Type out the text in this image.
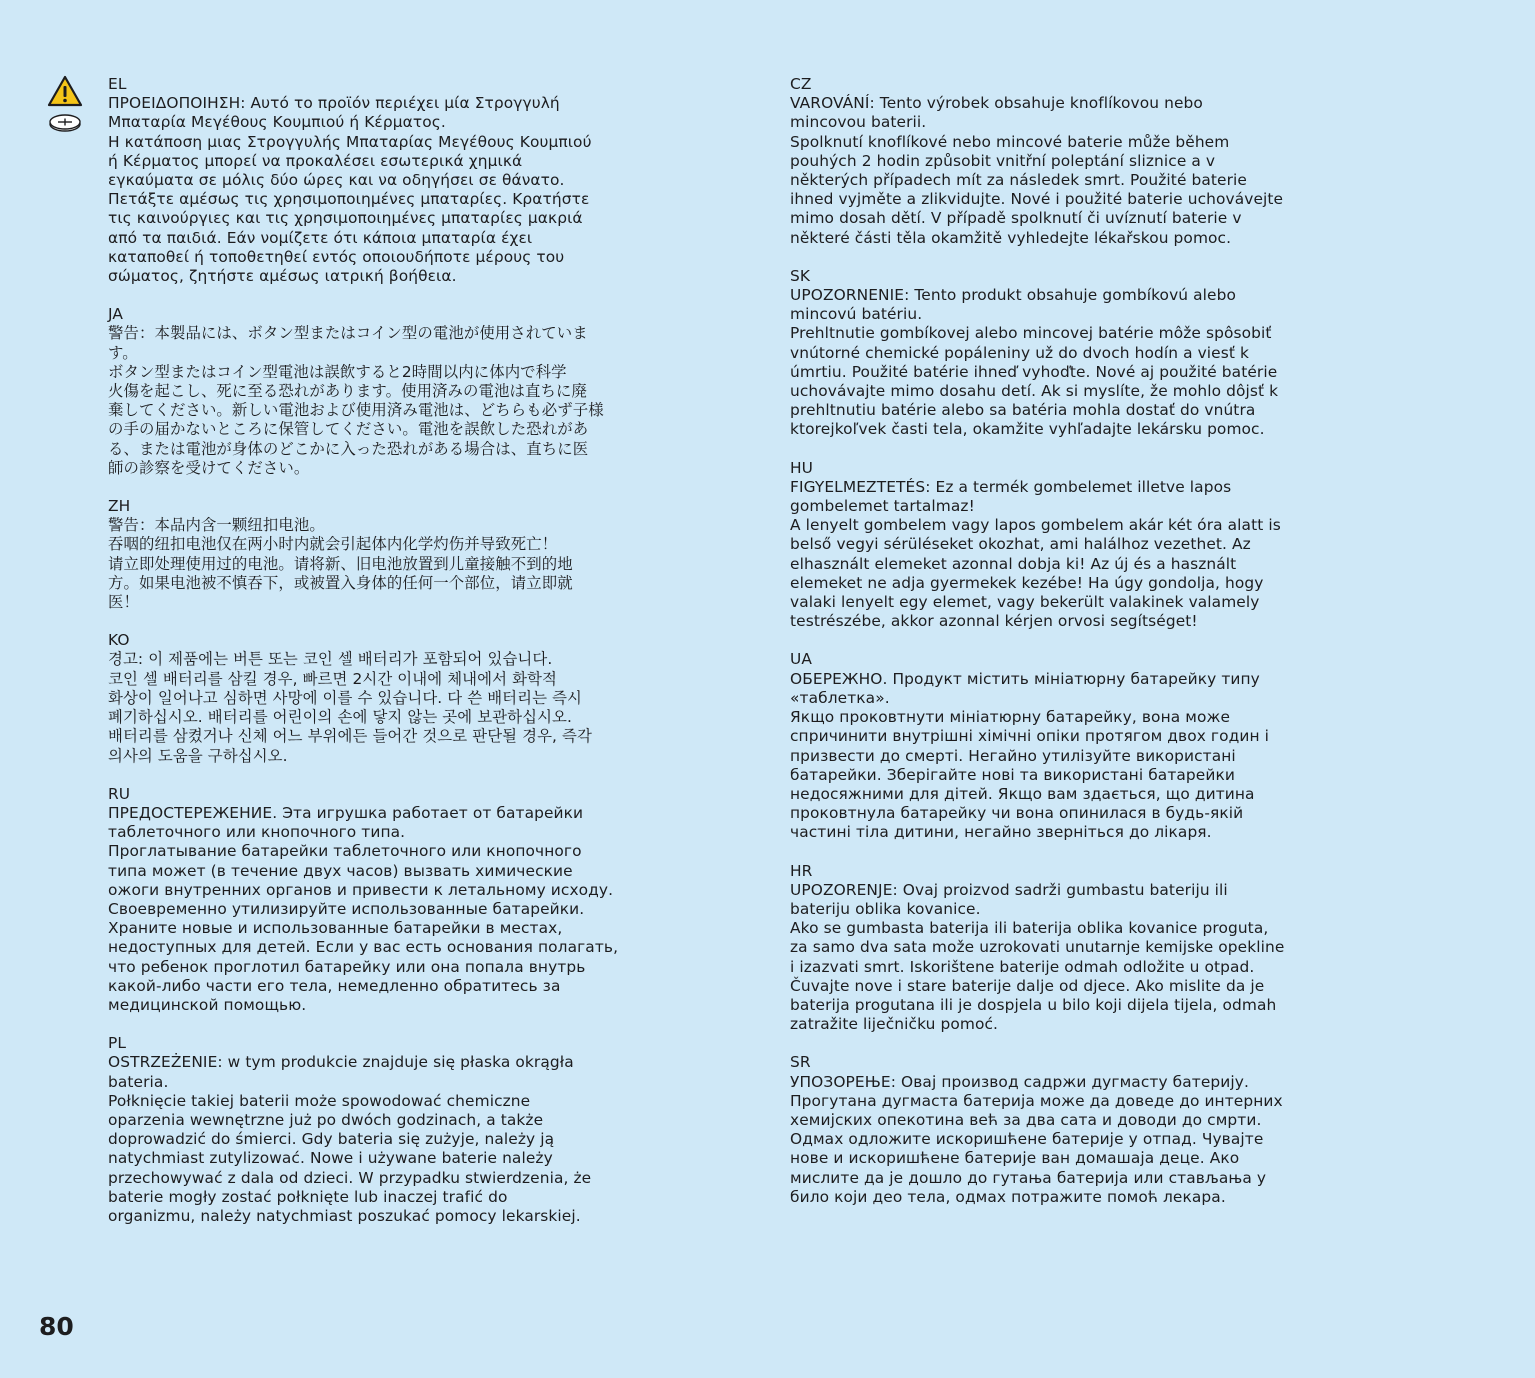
EL

ΠΡΟΕΙΔΟΠΟΙΗΣΗ: Αυτό το προϊόν περιέχει μία Στρογγυλή

Μπαταρία Μεγέθους Κουμπιού ή Κέρματος.

Η κατάποση μιας Στρογγυλής Μπαταρίας Μεγέθους Κουμπιού

ή Κέρματος μπορεί να προκαλέσει εσωτερικά χημικά

εγκαύματα σε μόλις δύο ώρες και να οδηγήσει σε θάνατο.

Πετάξτε αμέσως τις χρησιμοποιημένες μπαταρίες. Κρατήστε

τις καινούργιες και τις χρησιμοποιημένες μπαταρίες μακριά

από τα παιδιά. Εάν νομίζετε ότι κάποια μπαταρία έχει

καταποθεί ή τοποθετηθεί εντός οποιουδήποτε μέρους του

σώματος, ζητήστε αμέσως ιατρική βοήθεια.

JA

警告：本製品には、ボタン型またはコイン型の電池が使用されていま

す。

ボタン型またはコイン型電池は誤飲すると2時間以内に体内で科学

火傷を起こし、死に至る恐れがあります。使用済みの電池は直ちに廃

棄してください。新しい電池および使用済み電池は、どちらも必ず子様

の手の届かないところに保管してください。電池を誤飲した恐れがあ

る、または電池が身体のどこかに入った恐れがある場合は、直ちに医

師の診察を受けてください。

ZH

警告：本品内含一颗纽扣电池。

吞咽的纽扣电池仅在两小时内就会引起体内化学灼伤并导致死亡！

请立即处理使用过的电池。请将新、旧电池放置到儿童接触不到的地

方。如果电池被不慎吞下，或被置入身体的任何一个部位，请立即就

医！

KO

경고: 이 제품에는 버튼 또는 코인 셀 배터리가 포함되어 있습니다.

코인 셀 배터리를 삼킬 경우, 빠르면 2시간 이내에 체내에서 화학적

화상이 일어나고 심하면 사망에 이를 수 있습니다. 다 쓴 배터리는 즉시

폐기하십시오. 배터리를 어린이의 손에 닿지 않는 곳에 보관하십시오.

배터리를 삼켰거나 신체 어느 부위에든 들어간 것으로 판단될 경우, 즉각

의사의 도움을 구하십시오.

RU

ПРЕДОСТЕРЕЖЕНИЕ. Эта игрушка работает от батарейки

таблеточного или кнопочного типа.

Проглатывание батарейки таблеточного или кнопочного

типа может (в течение двух часов) вызвать химические

ожоги внутренних органов и привести к летальному исходу.

Своевременно утилизируйте использованные батарейки.

Храните новые и использованные батарейки в местах,

недоступных для детей. Если у вас есть основания полагать,

что ребенок проглотил батарейку или она попала внутрь

какой-либо части его тела, немедленно обратитесь за

медицинской помощью.

PL

OSTRZEŻENIE: w tym produkcie znajduje się płaska okrągła

bateria.

Połknięcie takiej baterii może spowodować chemiczne

oparzenia wewnętrzne już po dwóch godzinach, a także

doprowadzić do śmierci. Gdy bateria się zużyje, należy ją

natychmiast zutylizować. Nowe i używane baterie należy

przechowywać z dala od dzieci. W przypadku stwierdzenia, że

baterie mogły zostać połknięte lub inaczej trafić do

organizmu, należy natychmiast poszukać pomocy lekarskiej.

CZ

VAROVÁNÍ: Tento výrobek obsahuje knoflíkovou nebo

mincovou baterii.

Spolknutí knoflíkové nebo mincové baterie může během

pouhých 2 hodin způsobit vnitřní poleptání sliznice a v

některých případech mít za následek smrt. Použité baterie

ihned vyjměte a zlikvidujte. Nové i použité baterie uchovávejte

mimo dosah dětí. V případě spolknutí či uvíznutí baterie v

některé části těla okamžitě vyhledejte lékařskou pomoc.

SK

UPOZORNENIE: Tento produkt obsahuje gombíkovú alebo

mincovú batériu.

Prehltnutie gombíkovej alebo mincovej batérie môže spôsobiť

vnútorné chemické popáleniny už do dvoch hodín a viesť k

úmrtiu. Použité batérie ihneď vyhoďte. Nové aj použité batérie

uchovávajte mimo dosahu detí. Ak si myslíte, že mohlo dôjsť k

prehltnutiu batérie alebo sa batéria mohla dostať do vnútra

ktorejkoľvek časti tela, okamžite vyhľadajte lekársku pomoc.

HU

FIGYELMEZTETÉS: Ez a termék gombelemet illetve lapos

gombelemet tartalmaz!

A lenyelt gombelem vagy lapos gombelem akár két óra alatt is

belső vegyi sérüléseket okozhat, ami halálhoz vezethet. Az

elhasznált elemeket azonnal dobja ki! Az új és a használt

elemeket ne adja gyermekek kezébe! Ha úgy gondolja, hogy

valaki lenyelt egy elemet, vagy bekerült valakinek valamely

testrészébe, akkor azonnal kérjen orvosi segítséget!

UA

ОБЕРЕЖНО. Продукт містить мініатюрну батарейку типу

«таблетка».

Якщо проковтнути мініатюрну батарейку, вона може

спричинити внутрішні хімічні опіки протягом двох годин і

призвести до смерті. Негайно утилізуйте використані

батарейки. Зберігайте нові та використані батарейки

недосяжними для дітей. Якщо вам здається, що дитина

проковтнула батарейку чи вона опинилася в будь-якій

частині тіла дитини, негайно зверніться до лікаря.

HR

UPOZORENJE: Ovaj proizvod sadrži gumbastu bateriju ili

bateriju oblika kovanice.

Ako se gumbasta baterija ili baterija oblika kovanice proguta,

za samo dva sata može uzrokovati unutarnje kemijske opekline

i izazvati smrt. Iskorištene baterije odmah odložite u otpad.

Čuvajte nove i stare baterije dalje od djece. Ako mislite da je

baterija progutana ili je dospjela u bilo koji dijela tijela, odmah

zatražite liječničku pomoć.

SR

УПОЗОРЕЊЕ: Овај производ садржи дугмасту батерију.

Прогутана дугмаста батерија може да доведе до интерних

хемијских опекотина већ за два сата и доводи до смрти.

Одмах одложите искоришћене батерије у отпад. Чувајте

нове и искоришћене батерије ван домашаја деце. Ако

мислите да је дошло до гутања батерија или стављања у

било који део тела, одмах потражите помоћ лекара.

80
